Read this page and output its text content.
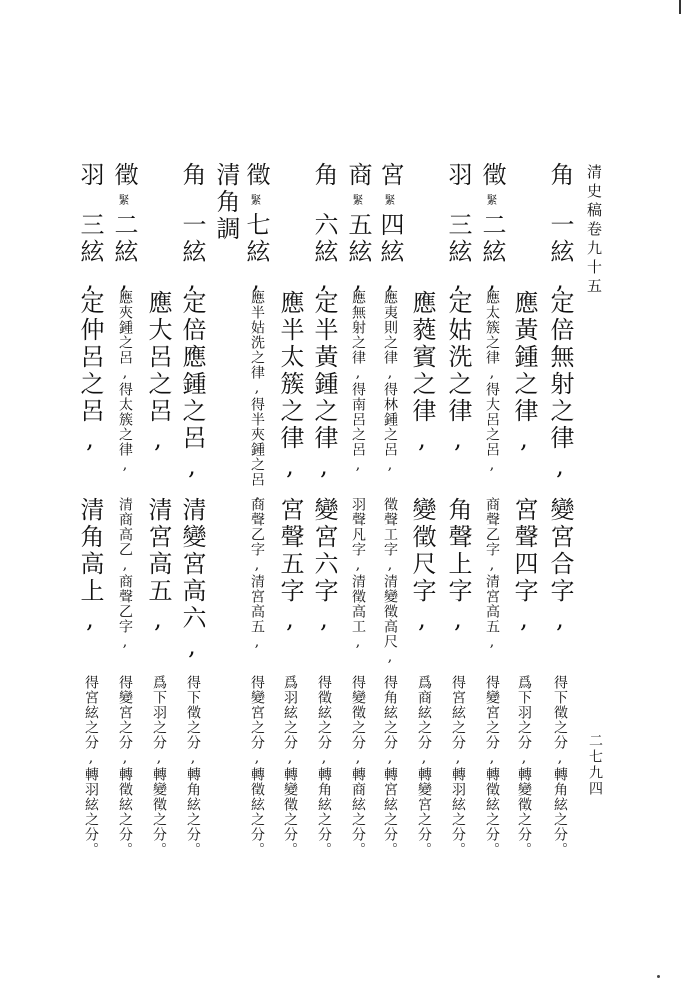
清史稿卷九十五
二七九四
角
一絃,
定倍無射之律,
變宮合字,
得下徵之分,轉角絃之分。
應黃鍾之律,
宮聲四字,
爲下羽之分,轉變徵之分。
徵
緊
二絃,
應太簇之律,得大呂之呂,
商聲乙字,清宮高五,
得變宮之分,轉徵絃之分。
羽
三絃,
定姑洗之律,
角聲上字,
得宮絃之分,轉羽絃之分。
應蕤賓之律,
變徵尺字,
爲商絃之分,轉變宮之分。
宮
緊
四絃,
應夷則之律,得林鍾之呂,
徵聲工字,清變徵高尺,
得角絃之分,轉宮絃之分。
商
緊
五絃,
應無射之律,得南呂之呂,
羽聲凡字,清徵高工,
得變徵之分,轉商絃之分。
角
六絃,
定半黃鍾之律,
變宮六字,
得徵絃之分,轉角絃之分。
應半太簇之律,
宮聲五字,
爲羽絃之分,轉變徵之分。
徵
緊
七絃,
應半姑洗之律,得半夾鍾之呂,
商聲乙字,清宮高五,
得變宮之分,轉徵絃之分。
清角調
角
一絃,
定倍應鍾之呂,
清變宮高六,
得下徵之分,轉角絃之分。
應大呂之呂,
清宮高五,
爲下羽之分,轉變徵之分。
徵
緊
二絃,
應夾鍾之呂,得太簇之律,
清商高乙,商聲乙字,
得變宮之分,轉徵絃之分。
羽
三絃,
定仲呂之呂,
清角高上,
得宮絃之分,轉羽絃之分。
